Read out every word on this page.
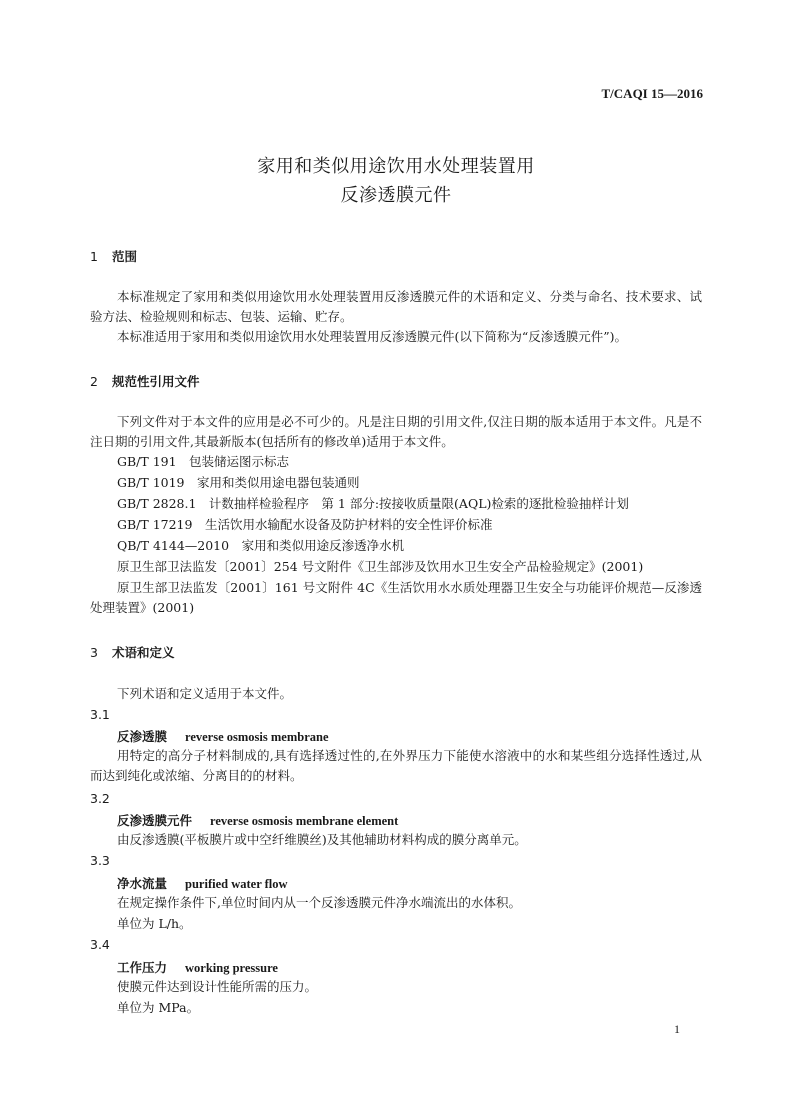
T/CAQI 15—2016
家用和类似用途饮用水处理装置用
反渗透膜元件
1 范围
本标准规定了家用和类似用途饮用水处理装置用反渗透膜元件的术语和定义、分类与命名、技术要求、试验方法、检验规则和标志、包装、运输、贮存。
本标准适用于家用和类似用途饮用水处理装置用反渗透膜元件(以下简称为“反渗透膜元件”)。
2 规范性引用文件
下列文件对于本文件的应用是必不可少的。凡是注日期的引用文件,仅注日期的版本适用于本文件。凡是不注日期的引用文件,其最新版本(包括所有的修改单)适用于本文件。
GB/T 191　包装储运图示标志
GB/T 1019　家用和类似用途电器包装通则
GB/T 2828.1　计数抽样检验程序　第 1 部分:按接收质量限(AQL)检索的逐批检验抽样计划
GB/T 17219　生活饮用水输配水设备及防护材料的安全性评价标准
QB/T 4144—2010　家用和类似用途反渗透净水机
原卫生部卫法监发〔2001〕254 号文附件《卫生部涉及饮用水卫生安全产品检验规定》(2001)
原卫生部卫法监发〔2001〕161 号文附件 4C《生活饮用水水质处理器卫生安全与功能评价规范—反渗透处理装置》(2001)
3 术语和定义
下列术语和定义适用于本文件。
3.1
反渗透膜 reverse osmosis membrane
用特定的高分子材料制成的,具有选择透过性的,在外界压力下能使水溶液中的水和某些组分选择性透过,从而达到纯化或浓缩、分离目的的材料。
3.2
反渗透膜元件 reverse osmosis membrane element
由反渗透膜(平板膜片或中空纤维膜丝)及其他辅助材料构成的膜分离单元。
3.3
净水流量 purified water flow
在规定操作条件下,单位时间内从一个反渗透膜元件净水端流出的水体积。
单位为 L/h。
3.4
工作压力 working pressure
使膜元件达到设计性能所需的压力。
单位为 MPa。
1
